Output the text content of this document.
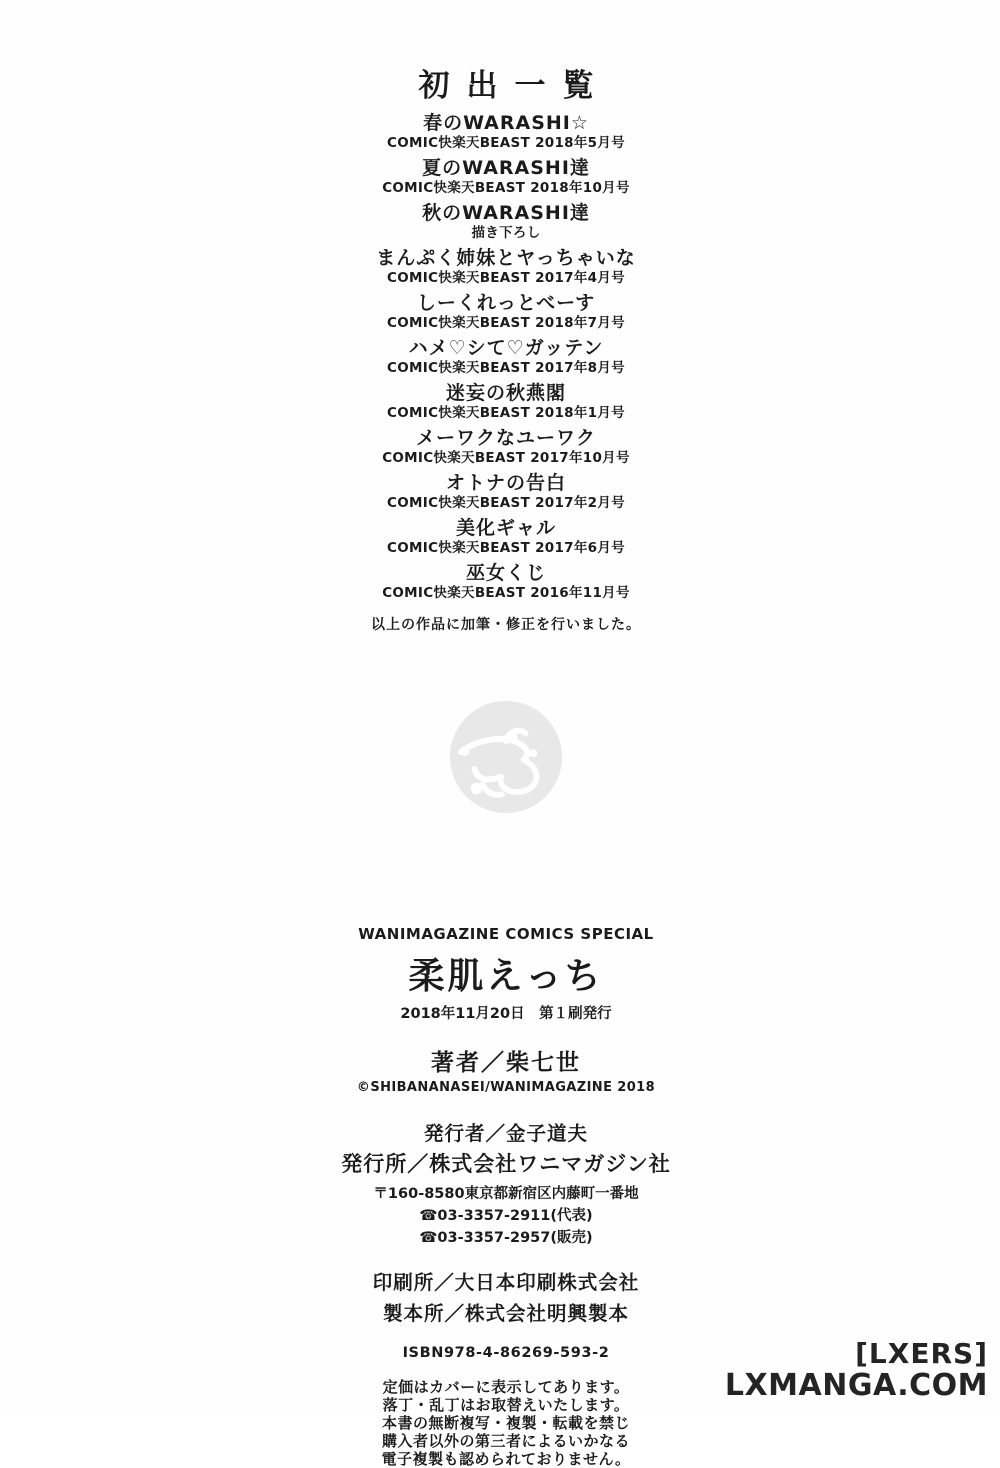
初出一覧
春のWARASHI☆
COMIC快楽天BEAST 2018年5月号
夏のWARASHI達
COMIC快楽天BEAST 2018年10月号
秋のWARASHI達
描き下ろし
まんぷく姉妹とヤっちゃいな
COMIC快楽天BEAST 2017年4月号
しーくれっとべーす
COMIC快楽天BEAST 2018年7月号
ハメ♡シて♡ガッテン
COMIC快楽天BEAST 2017年8月号
迷妄の秋燕閣
COMIC快楽天BEAST 2018年1月号
メーワクなユーワク
COMIC快楽天BEAST 2017年10月号
オトナの告白
COMIC快楽天BEAST 2017年2月号
美化ギャル
COMIC快楽天BEAST 2017年6月号
巫女くじ
COMIC快楽天BEAST 2016年11月号
以上の作品に加筆・修正を行いました。
WANIMAGAZINE COMICS SPECIAL
柔肌えっち
2018年11月20日　第１刷発行
著者／柴七世
©SHIBANANASEI/WANIMAGAZINE 2018
発行者／金子道夫
発行所／株式会社ワニマガジン社
〒160-8580東京都新宿区内藤町一番地
☎03-3357-2911(代表)
☎03-3357-2957(販売)
印刷所／大日本印刷株式会社
製本所／株式会社明興製本
ISBN978-4-86269-593-2
定価はカバーに表示してあります。
落丁・乱丁はお取替えいたします。
本書の無断複写・複製・転載を禁じ
購入者以外の第三者によるいかなる
電子複製も認められておりません。
[LXERS]
LXMANGA.COM
